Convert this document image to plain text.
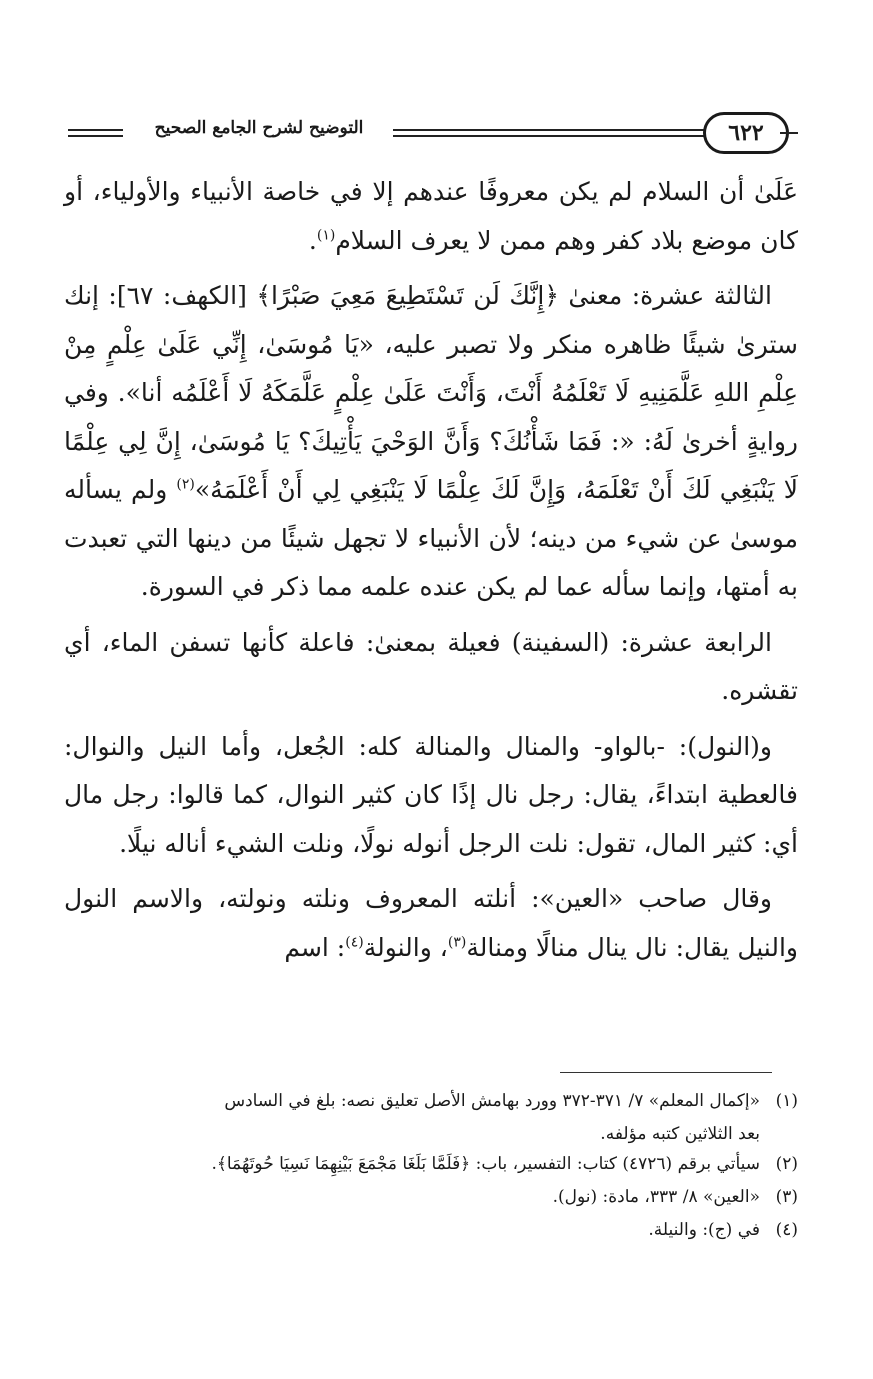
التوضيح لشرح الجامع الصحيح	٦٢٢

عَلَىٰ أن السلام لم يكن معروفًا عندهم إلا في خاصة الأنبياء والأولياء، أو كان موضع بلاد كفر وهم ممن لا يعرف السلام$^{(١)}$.

الثالثة عشرة: معنىٰ ﴿إِنَّكَ لَن تَسْتَطِيعَ مَعِيَ صَبْرًا﴾ [الكهف: ٦٧]: إنك سترىٰ شيئًا ظاهره منكر ولا تصبر عليه، «يَا مُوسَىٰ، إِنِّي عَلَىٰ عِلْمٍ مِنْ عِلْمِ اللهِ عَلَّمَنِيهِ لَا تَعْلَمُهُ أَنْتَ، وَأَنْتَ عَلَىٰ عِلْمٍ عَلَّمَكَهُ لَا أَعْلَمُه أنا». وفي روايةٍ أخرىٰ لَهُ: «: فَمَا شَأْنُكَ؟ وَأَنَّ الوَحْيَ يَأْتِيكَ؟ يَا مُوسَىٰ، إِنَّ لِي عِلْمًا لَا يَنْبَغِي لَكَ أَنْ تَعْلَمَهُ، وَإِنَّ لَكَ عِلْمًا لَا يَنْبَغِي لِي أَنْ أَعْلَمَهُ»$^{(٢)}$ ولم يسأله موسىٰ عن شيء من دينه؛ لأن الأنبياء لا تجهل شيئًا من دينها التي تعبدت به أمتها، وإنما سأله عما لم يكن عنده علمه مما ذكر في السورة.

الرابعة عشرة: (السفينة) فعيلة بمعنىٰ: فاعلة كأنها تسفن الماء، أي تقشره.

و(النول): -بالواو- والمنال والمنالة كله: الجُعل، وأما النيل والنوال: فالعطية ابتداءً، يقال: رجل نال إذًا كان كثير النوال، كما قالوا: رجل مال أي: كثير المال، تقول: نلت الرجل أنوله نولًا، ونلت الشيء أناله نيلًا.

وقال صاحب «العين»: أنلته المعروف ونلته ونولته، والاسم النول والنيل يقال: نال ينال منالًا ومنالة$^{(٣)}$، والنولة$^{(٤)}$: اسم

(١)
«إكمال المعلم» ٧/ ٣٧١-٣٧٢ وورد بهامش الأصل تعليق نصه: بلغ في السادس
بعد الثلاثين كتبه مؤلفه.
(٢)
سيأتي برقم (٤٧٢٦) كتاب: التفسير، باب: ﴿فَلَمَّا بَلَغَا مَجْمَعَ بَيْنِهِمَا نَسِيَا حُوتَهُمَا﴾.
(٣)
«العين» ٨/ ٣٣٣، مادة: (نول).
(٤)
في (ج): والنيلة.
